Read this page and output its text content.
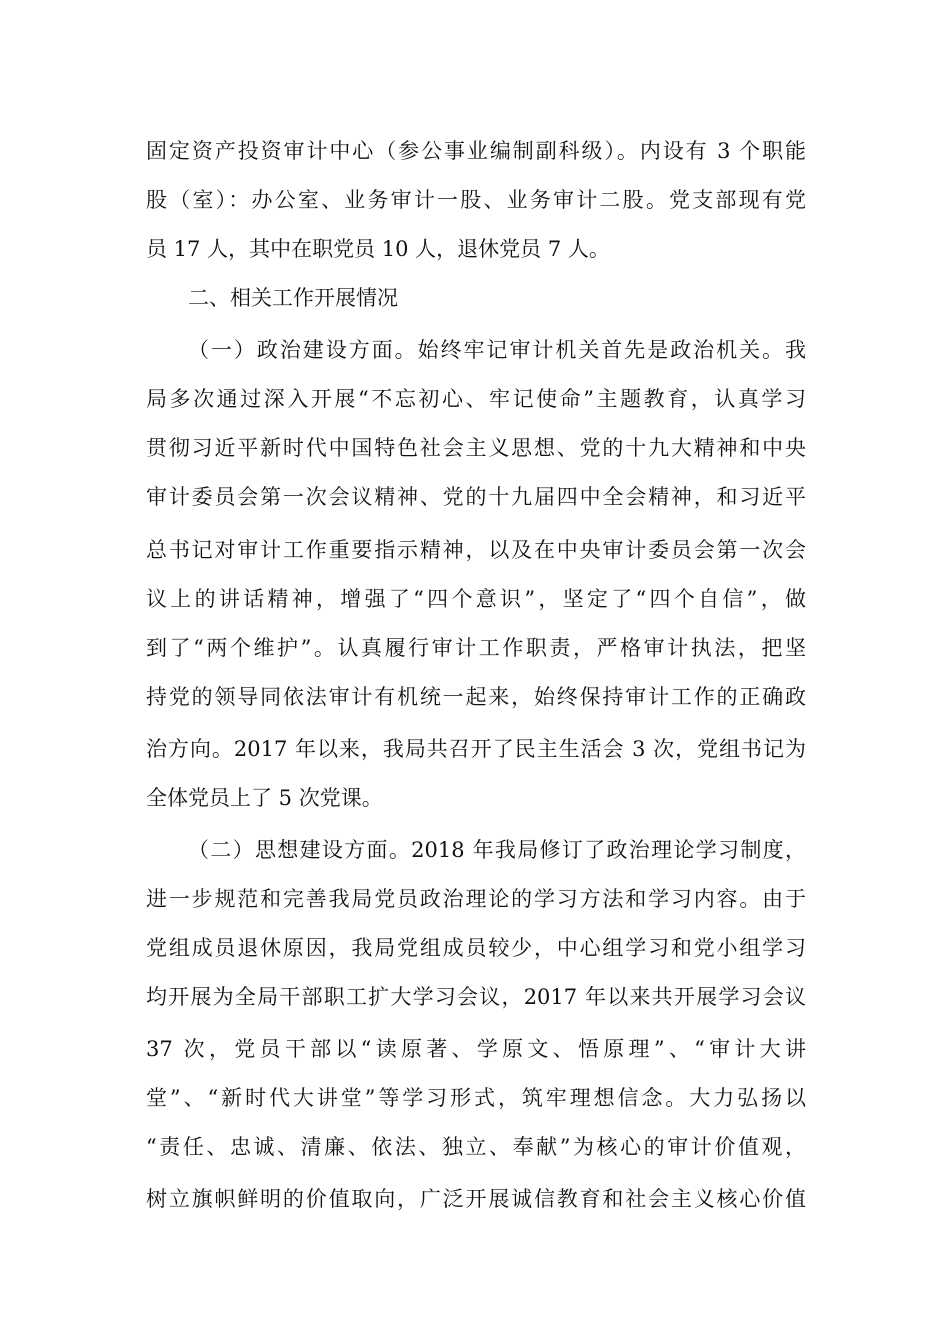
固定资产投资审计中心（参公事业编制副科级）。内设有 3 个职能
股（室）：办公室、业务审计一股、业务审计二股。党支部现有党
员 17 人，其中在职党员 10 人，退休党员 7 人。
二、相关工作开展情况
（一）政治建设方面。始终牢记审计机关首先是政治机关。我
局多次通过深入开展“不忘初心、牢记使命”主题教育，认真学习
贯彻习近平新时代中国特色社会主义思想、党的十九大精神和中央
审计委员会第一次会议精神、党的十九届四中全会精神，和习近平
总书记对审计工作重要指示精神，以及在中央审计委员会第一次会
议上的讲话精神，增强了“四个意识”，坚定了“四个自信”，做
到了“两个维护”。认真履行审计工作职责，严格审计执法，把坚
持党的领导同依法审计有机统一起来，始终保持审计工作的正确政
治方向。2017 年以来，我局共召开了民主生活会 3 次，党组书记为
全体党员上了 5 次党课。
（二）思想建设方面。2018 年我局修订了政治理论学习制度，
进一步规范和完善我局党员政治理论的学习方法和学习内容。由于
党组成员退休原因，我局党组成员较少，中心组学习和党小组学习
均开展为全局干部职工扩大学习会议，2017 年以来共开展学习会议
37 次，党员干部以“读原著、学原文、悟原理”、“审计大讲
堂”、“新时代大讲堂”等学习形式，筑牢理想信念。大力弘扬以
“责任、忠诚、清廉、依法、独立、奉献”为核心的审计价值观，
树立旗帜鲜明的价值取向，广泛开展诚信教育和社会主义核心价值
